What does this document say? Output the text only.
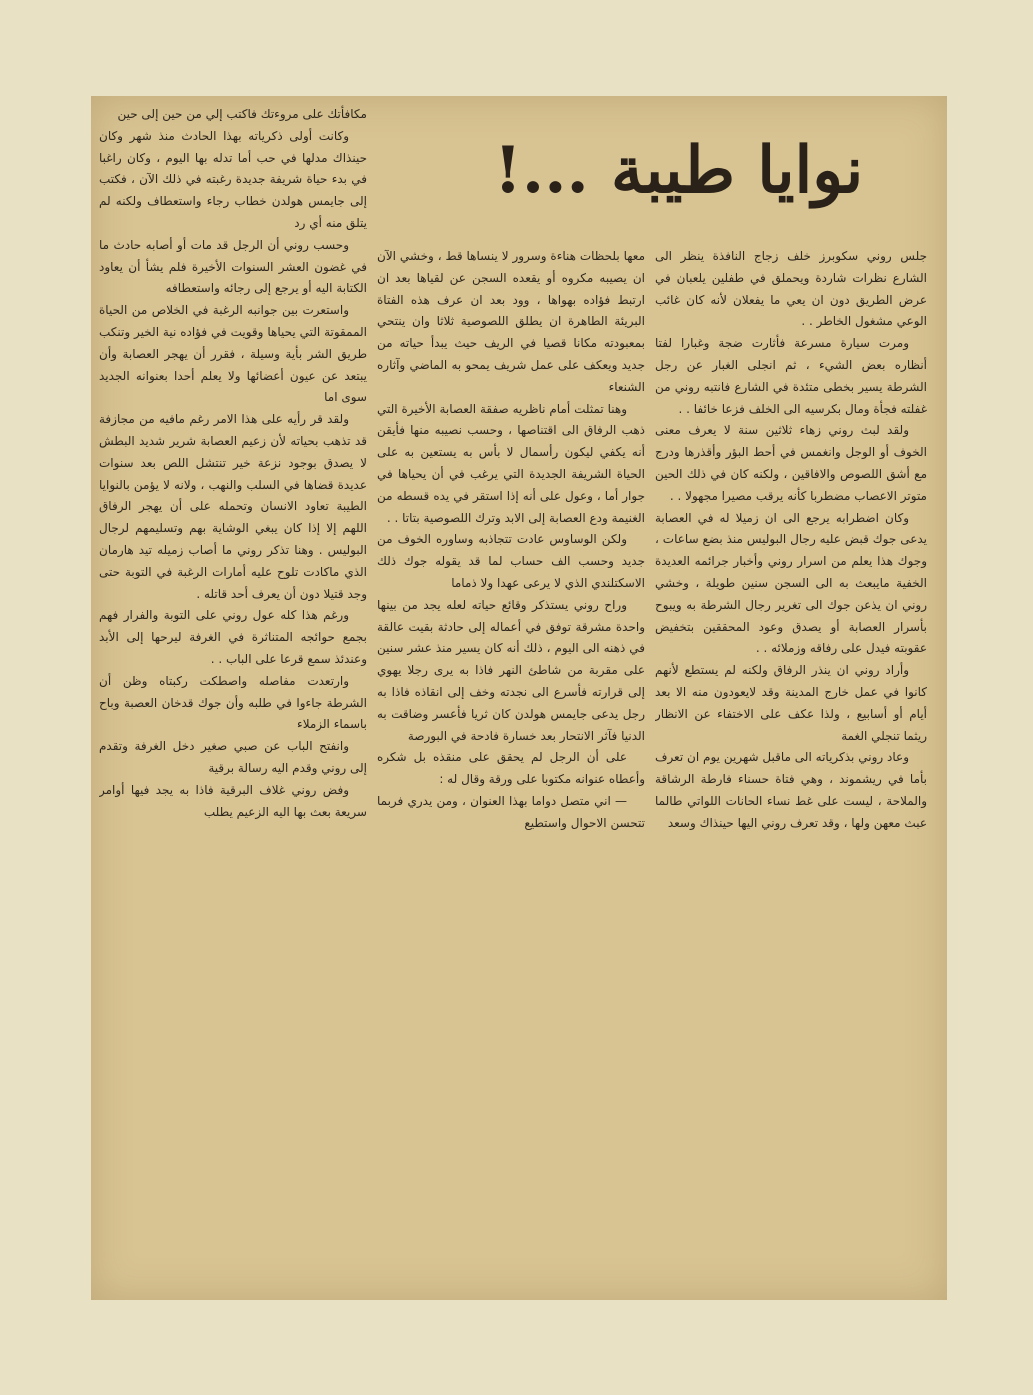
نوايا طيبة ...!

جلس روني سكوبرز خلف زجاج النافذة ينظر الى الشارع نظرات شاردة ويحملق في طفلين يلعبان في عرض الطريق دون ان يعي ما يفعلان لأنه كان غائب الوعي مشغول الخاطر . .

ومرت سيارة مسرعة فأثارت ضجة وغبارا لفتا أنظاره بعض الشيء ، ثم انجلى الغبار عن رجل الشرطة يسير بخطى متئدة في الشارع فانتبه روني من غفلته فجأة ومال بكرسيه الى الخلف فزعا خائفا . .

ولقد لبث روني زهاء ثلاثين سنة لا يعرف معنى الخوف أو الوجل وانغمس في أحط البؤر وأقذرها ودرج مع أشق اللصوص والافاقين ، ولكنه كان في ذلك الحين متوتر الاعصاب مضطربا كأنه يرقب مصيرا مجهولا . .

وكان اضطرابه يرجع الى ان زميلا له في العصابة يدعى جوك قبض عليه رجال البوليس منذ بضع ساعات ، وجوك هذا يعلم من اسرار روني وأخبار جرائمه العديدة الخفية مايبعث به الى السجن سنين طويلة ، وخشي روني ان يذعن جوك الى تغرير رجال الشرطة به ويبوح بأسرار العصابة أو يصدق وعود المحققين بتخفيض عقوبته فيدل على رفاقه وزملائه . .

وأراد روني ان ينذر الرفاق ولكنه لم يستطع لأنهم كانوا في عمل خارج المدينة وقد لايعودون منه الا بعد أيام أو أسابيع ، ولذا عكف على الاختفاء عن الانظار ريثما تنجلي الغمة

وعاد روني بذكرياته الى ماقبل شهرين يوم ان تعرف بأما في ريشموند ، وهي فتاة حسناء فارطة الرشاقة والملاحة ، ليست على غط نساء الحانات اللواتي طالما عبث معهن ولها ، وقد تعرف روني اليها حينذاك وسعد

معها بلحظات هناءة وسرور لا ينساها قط ، وخشي الآن ان يصيبه مكروه أو يقعده السجن عن لقياها بعد ان ارتبط فؤاده بهواها ، وود بعد ان عرف هذه الفتاة البريئة الطاهرة ان يطلق اللصوصية ثلاثا وان ينتحي بمعبودته مكانا قصيا في الريف حيث يبدأ حياته من جديد ويعكف على عمل شريف يمحو به الماضي وآثاره الشنعاء

وهنا تمثلت أمام ناظريه صفقة العصابة الأخيرة التي ذهب الرفاق الى اقتناصها ، وحسب نصيبه منها فأيقن أنه يكفي ليكون رأسمال لا بأس به يستعين به على الحياة الشريفة الجديدة التي يرغب في أن يحياها في جوار أما ، وعول على أنه إذا استقر في يده قسطه من الغنيمة ودع العصابة إلى الابد وترك اللصوصية بتاتا . .

ولكن الوساوس عادت تتجاذبه وساوره الخوف من جديد وحسب الف حساب لما قد يقوله جوك ذلك الاسكتلندي الذي لا يرعى عهدا ولا ذماما

وراح روني يستذكر وقائع حياته لعله يجد من بينها واحدة مشرقة توفق في أعماله إلى حادثة بقيت عالقة في ذهنه الى اليوم ، ذلك أنه كان يسير منذ عشر سنين على مقربة من شاطئ النهر فاذا به يرى رجلا يهوي إلى قرارته فأسرع الى نجدته وخف إلى انقاذه فاذا به رجل يدعى جايمس هولدن كان ثريا فأعسر وضاقت به الدنيا فآثر الانتحار بعد خسارة فادحة في البورصة

على أن الرجل لم يحقق على منقذه بل شكره وأعطاه عنوانه مكتوبا على ورقة وقال له :

— اني متصل دواما بهذا العنوان ، ومن يدري فربما تتحسن الاحوال واستطيع

مكافأتك على مروءتك فاكتب إلي من حين إلى حين

وكانت أولى ذكرياته بهذا الحادث منذ شهر وكان حينذاك مدلها في حب أما تدله بها اليوم ، وكان راغبا في بدء حياة شريفة جديدة رغبته في ذلك الآن ، فكتب إلى جايمس هولدن خطاب رجاء واستعطاف ولكنه لم يتلق منه أي رد

وحسب روني أن الرجل قد مات أو أصابه حادث ما في غضون العشر السنوات الأخيرة فلم يشأ أن يعاود الكتابة اليه أو يرجع إلى رجائه واستعطافه

واستعرت بين جوانبه الرغبة في الخلاص من الحياة الممقوتة التي يحياها وقويت في فؤاده نية الخير وتنكب طريق الشر بأية وسيلة ، فقرر أن يهجر العصابة وأن يبتعد عن عيون أعضائها ولا يعلم أحدا بعنوانه الجديد سوى اما

ولقد قر رأيه على هذا الامر رغم مافيه من مجازفة قد تذهب بحياته لأن زعيم العصابة شرير شديد البطش لا يصدق بوجود نزعة خير تنتشل اللص بعد سنوات عديدة قضاها في السلب والنهب ، ولانه لا يؤمن بالنوايا الطيبة تعاود الانسان وتحمله على أن يهجر الرفاق اللهم إلا إذا كان يبغي الوشاية بهم وتسليمهم لرجال البوليس . وهنا تذكر روني ما أصاب زميله تيد هارمان الذي ماكادت تلوح عليه أمارات الرغبة في التوبة حتى وجد قتيلا دون أن يعرف أحد قاتله .

ورغم هذا كله عول روني على التوبة والفرار فهم بجمع حوائجه المتناثرة في الغرفة ليرحها إلى الأبد وعندئذ سمع قرعا على الباب . .

وارتعدت مفاصله واصطكت ركبتاه وظن أن الشرطة جاءوا في طلبه وأن جوك قدخان العصبة وباح باسماء الزملاء

وانفتح الباب عن صبي صغير دخل الغرفة وتقدم إلى روني وقدم اليه رسالة برقية

وفض روني غلاف البرقية فاذا به يجد فيها أوامر سريعة بعث بها اليه الزعيم يطلب
